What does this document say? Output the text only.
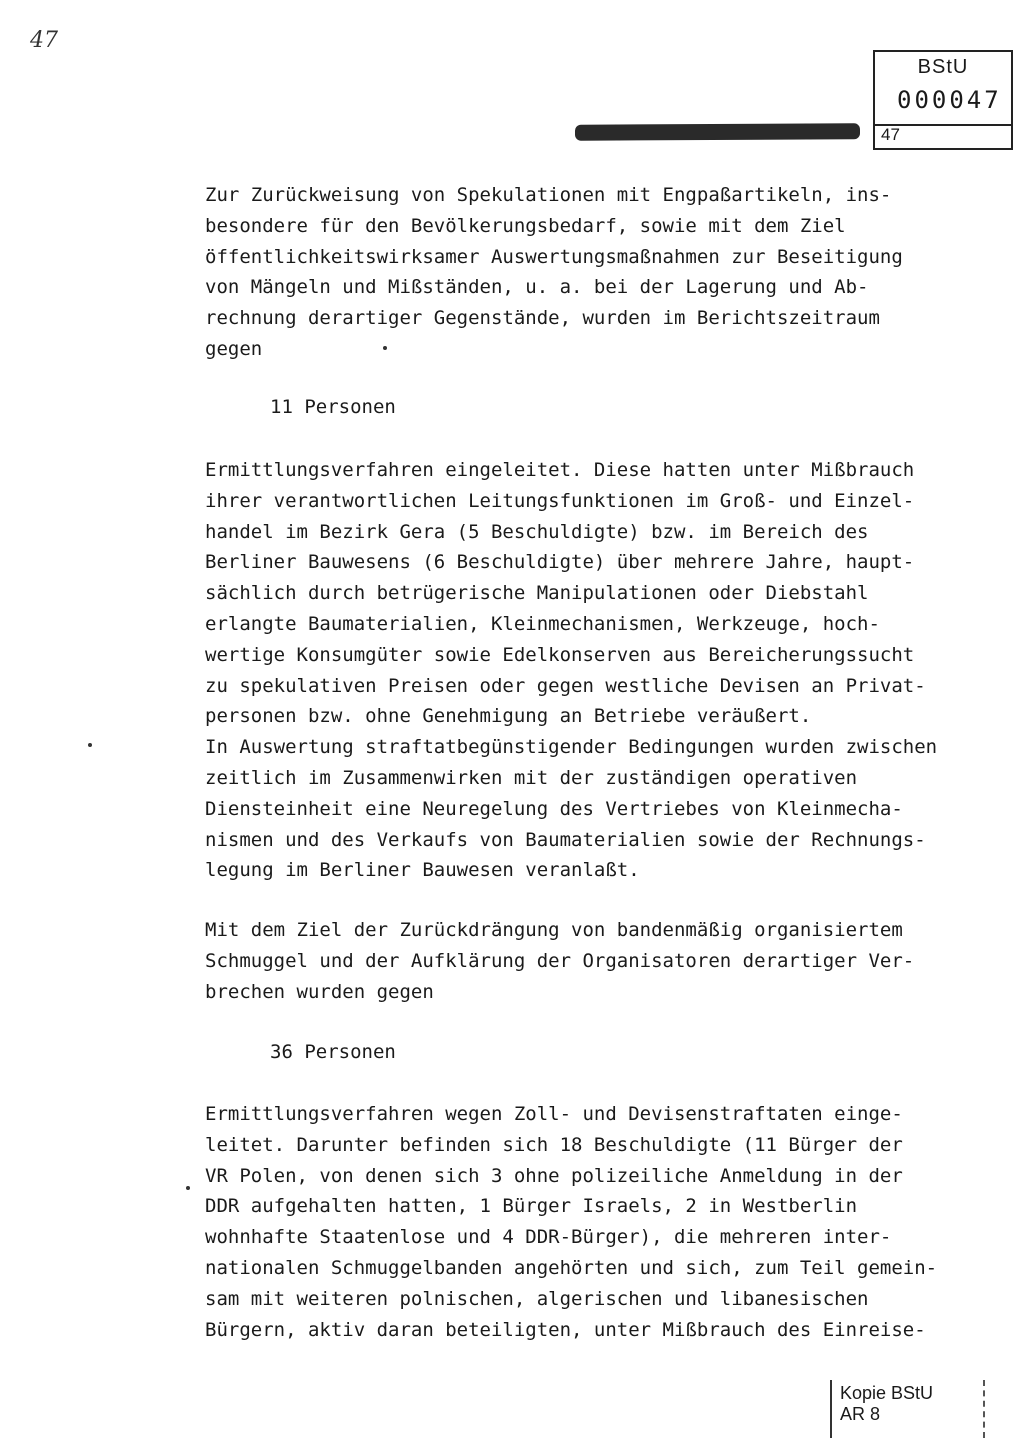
47
BStU
000047
47
Zur Zurückweisung von Spekulationen mit Engpaßartikeln, ins-
besondere für den Bevölkerungsbedarf, sowie mit dem Ziel
öffentlichkeitswirksamer Auswertungsmaßnahmen zur Beseitigung
von Mängeln und Mißständen, u. a. bei der Lagerung und Ab-
rechnung derartiger Gegenstände, wurden im Berichtszeitraum
gegen
11 Personen
Ermittlungsverfahren eingeleitet. Diese hatten unter Mißbrauch
ihrer verantwortlichen Leitungsfunktionen im Groß- und Einzel-
handel im Bezirk Gera (5 Beschuldigte) bzw. im Bereich des
Berliner Bauwesens (6 Beschuldigte) über mehrere Jahre, haupt-
sächlich durch betrügerische Manipulationen oder Diebstahl
erlangte Baumaterialien, Kleinmechanismen, Werkzeuge, hoch-
wertige Konsumgüter sowie Edelkonserven aus Bereicherungssucht
zu spekulativen Preisen oder gegen westliche Devisen an Privat-
personen bzw. ohne Genehmigung an Betriebe veräußert.
In Auswertung straftatbegünstigender Bedingungen wurden zwischen
zeitlich im Zusammenwirken mit der zuständigen operativen
Diensteinheit eine Neuregelung des Vertriebes von Kleinmecha-
nismen und des Verkaufs von Baumaterialien sowie der Rechnungs-
legung im Berliner Bauwesen veranlaßt.
Mit dem Ziel der Zurückdrängung von bandenmäßig organisiertem
Schmuggel und der Aufklärung der Organisatoren derartiger Ver-
brechen wurden gegen
36 Personen
Ermittlungsverfahren wegen Zoll- und Devisenstraftaten einge-
leitet. Darunter befinden sich 18 Beschuldigte (11 Bürger der
VR Polen, von denen sich 3 ohne polizeiliche Anmeldung in der
DDR aufgehalten hatten, 1 Bürger Israels, 2 in Westberlin
wohnhafte Staatenlose und 4 DDR-Bürger), die mehreren inter-
nationalen Schmuggelbanden angehörten und sich, zum Teil gemein-
sam mit weiteren polnischen, algerischen und libanesischen
Bürgern, aktiv daran beteiligten, unter Mißbrauch des Einreise-
Kopie BStU
AR 8
